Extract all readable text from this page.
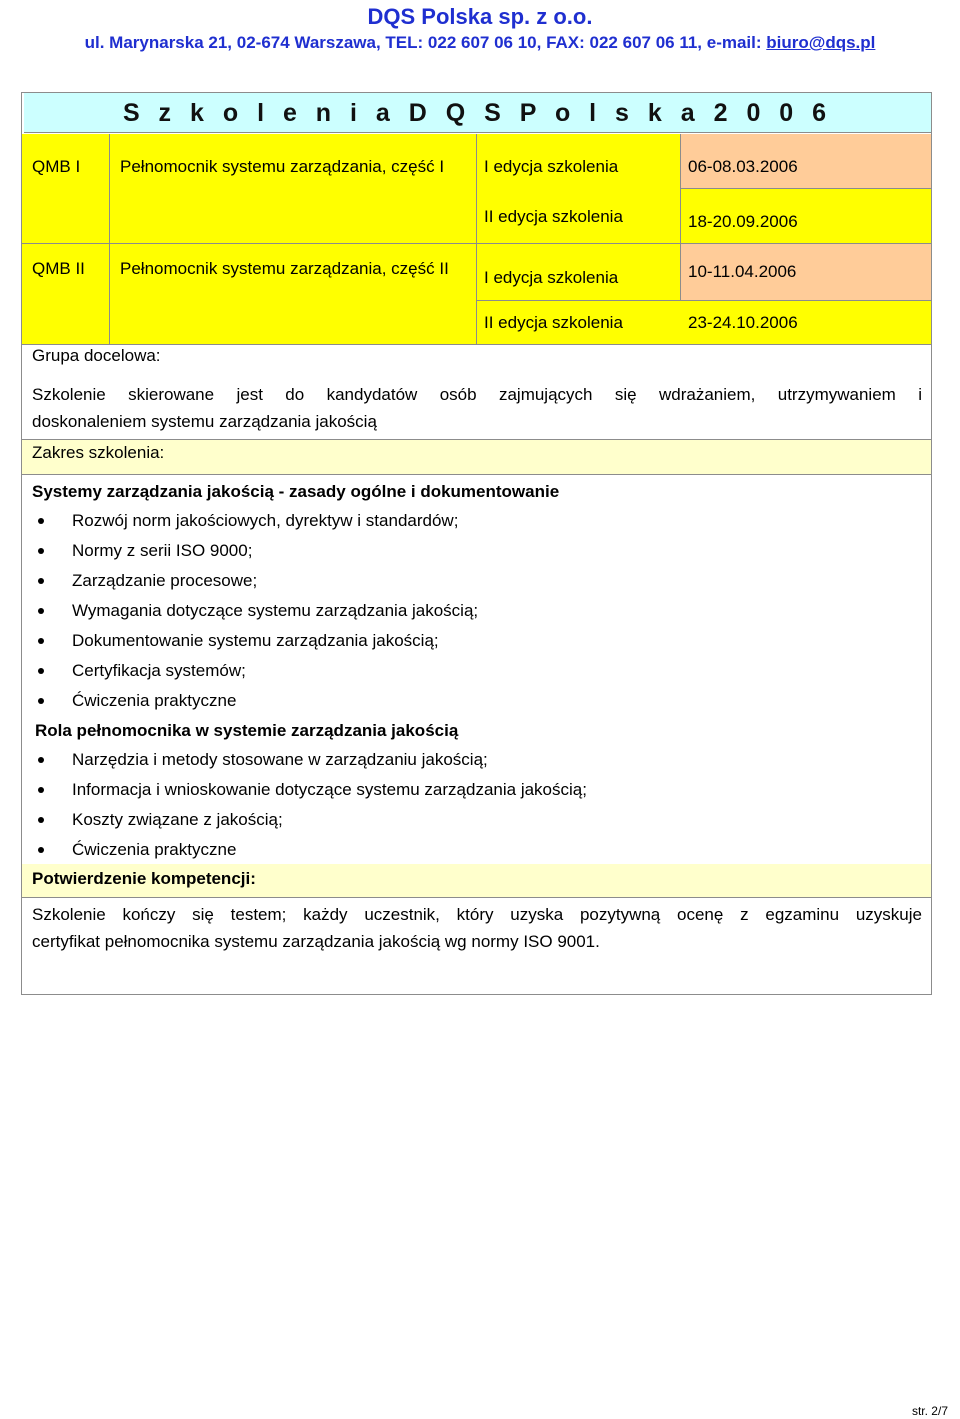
DQS Polska sp. z o.o.
ul. Marynarska 21, 02-674 Warszawa, TEL: 022 607 06 10, FAX: 022 607 06 11, e-mail: biuro@dqs.pl
S z k o l e n i a D Q S P o l s k a 2 0 0 6
QMB I Pełnomocnik systemu zarządzania, część I	I edycja szkolenia	06-08.03.2006
II edycja szkolenia	18-20.09.2006
QMB II Pełnomocnik systemu zarządzania, część II	I edycja szkolenia	10-11.04.2006
II edycja szkolenia	23-24.10.2006
Grupa docelowa:
Szkolenie skierowane jest do kandydatów osób zajmujących się wdrażaniem, utrzymywaniem i
doskonaleniem systemu zarządzania jakością
Zakres szkolenia:
Systemy zarządzania jakością - zasady ogólne i dokumentowanie
Rozwój norm jakościowych, dyrektyw i standardów;
Normy z serii ISO 9000;
Zarządzanie procesowe;
Wymagania dotyczące systemu zarządzania jakością;
Dokumentowanie systemu zarządzania jakością;
Certyfikacja systemów;
Ćwiczenia praktyczne
Rola pełnomocnika w systemie zarządzania jakością
Narzędzia i metody stosowane w zarządzaniu jakością;
Informacja i wnioskowanie dotyczące systemu zarządzania jakością;
Koszty związane z jakością;
Ćwiczenia praktyczne
Potwierdzenie kompetencji:
Szkolenie kończy się testem; każdy uczestnik, który uzyska pozytywną ocenę z egzaminu uzyskuje
certyfikat pełnomocnika systemu zarządzania jakością wg normy ISO 9001.
str. 2/7
